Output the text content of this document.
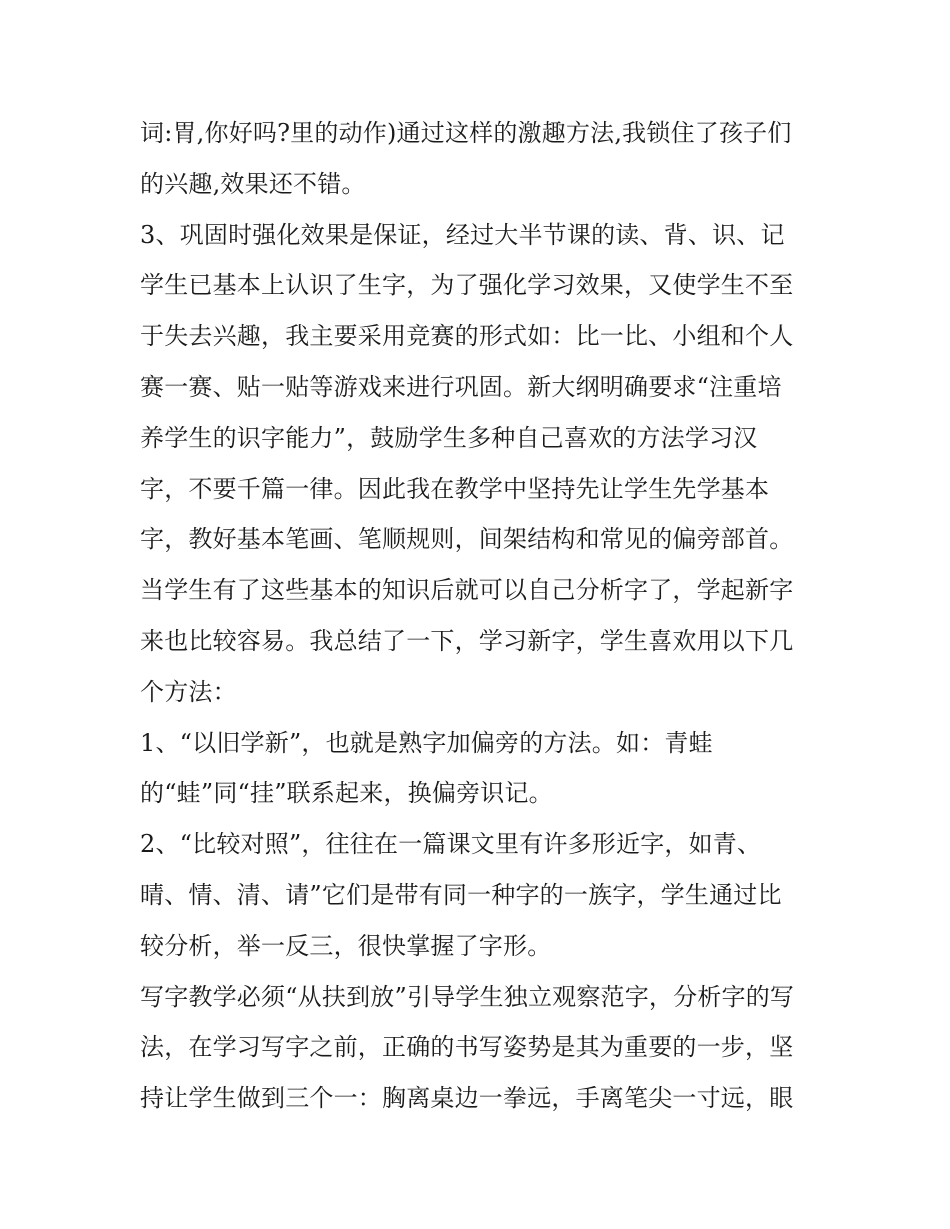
词:胃,你好吗?里的动作)通过这样的激趣方法,我锁住了孩子们
的兴趣,效果还不错。
3、巩固时强化效果是保证，经过大半节课的读、背、识、记
学生已基本上认识了生字，为了强化学习效果，又使学生不至
于失去兴趣，我主要采用竞赛的形式如：比一比、小组和个人
赛一赛、贴一贴等游戏来进行巩固。新大纲明确要求“注重培
养学生的识字能力”，鼓励学生多种自己喜欢的方法学习汉
字，不要千篇一律。因此我在教学中坚持先让学生先学基本
字，教好基本笔画、笔顺规则，间架结构和常见的偏旁部首。
当学生有了这些基本的知识后就可以自己分析字了，学起新字
来也比较容易。我总结了一下，学习新字，学生喜欢用以下几
个方法：
1、“以旧学新”，也就是熟字加偏旁的方法。如：青蛙
的“蛙”同“挂”联系起来，换偏旁识记。
2、“比较对照”，往往在一篇课文里有许多形近字，如青、
晴、情、清、请”它们是带有同一种字的一族字，学生通过比
较分析，举一反三，很快掌握了字形。
写字教学必须“从扶到放”引导学生独立观察范字，分析字的写
法，在学习写字之前，正确的书写姿势是其为重要的一步，坚
持让学生做到三个一：胸离桌边一拳远，手离笔尖一寸远，眼
